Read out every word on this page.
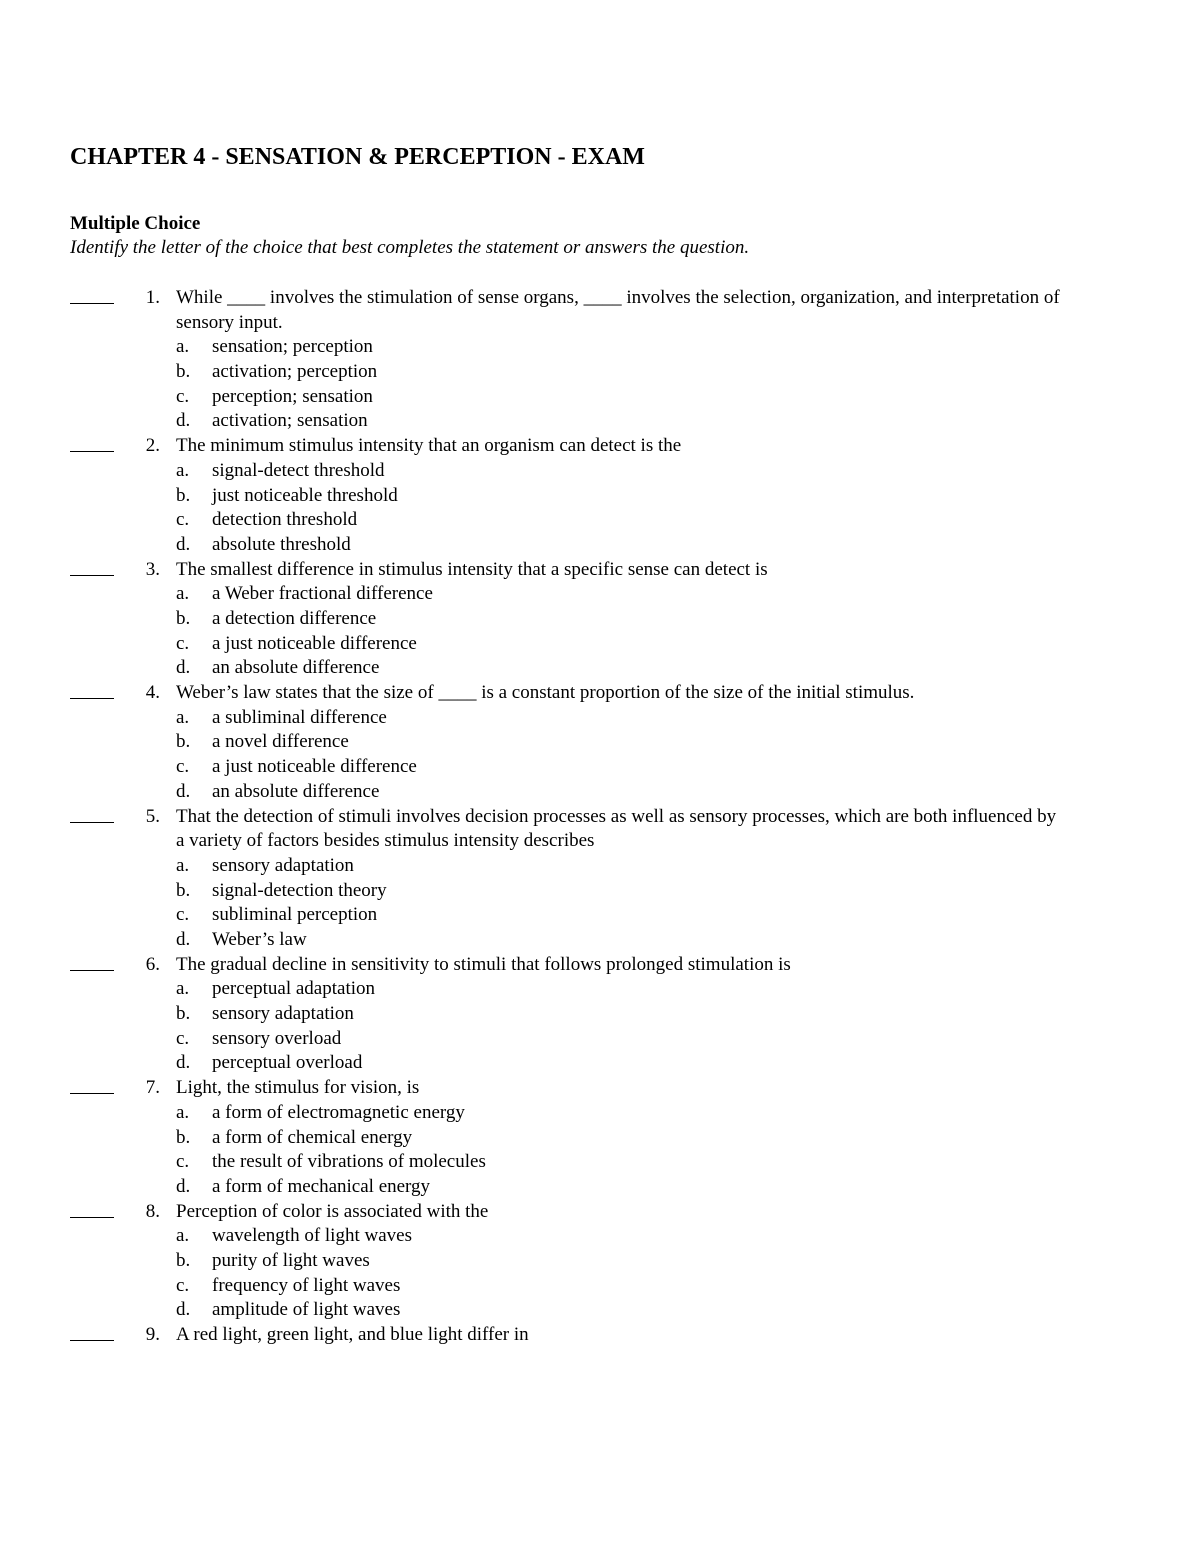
CHAPTER 4 - SENSATION & PERCEPTION - EXAM
Multiple Choice
Identify the letter of the choice that best completes the statement or answers the question.
1. While ____ involves the stimulation of sense organs, ____ involves the selection, organization, and interpretation of sensory input.
a. sensation; perception
b. activation; perception
c. perception; sensation
d. activation; sensation
2. The minimum stimulus intensity that an organism can detect is the
a. signal-detect threshold
b. just noticeable threshold
c. detection threshold
d. absolute threshold
3. The smallest difference in stimulus intensity that a specific sense can detect is
a. a Weber fractional difference
b. a detection difference
c. a just noticeable difference
d. an absolute difference
4. Weber’s law states that the size of ____ is a constant proportion of the size of the initial stimulus.
a. a subliminal difference
b. a novel difference
c. a just noticeable difference
d. an absolute difference
5. That the detection of stimuli involves decision processes as well as sensory processes, which are both influenced by a variety of factors besides stimulus intensity describes
a. sensory adaptation
b. signal-detection theory
c. subliminal perception
d. Weber’s law
6. The gradual decline in sensitivity to stimuli that follows prolonged stimulation is
a. perceptual adaptation
b. sensory adaptation
c. sensory overload
d. perceptual overload
7. Light, the stimulus for vision, is
a. a form of electromagnetic energy
b. a form of chemical energy
c. the result of vibrations of molecules
d. a form of mechanical energy
8. Perception of color is associated with the
a. wavelength of light waves
b. purity of light waves
c. frequency of light waves
d. amplitude of light waves
9. A red light, green light, and blue light differ in
